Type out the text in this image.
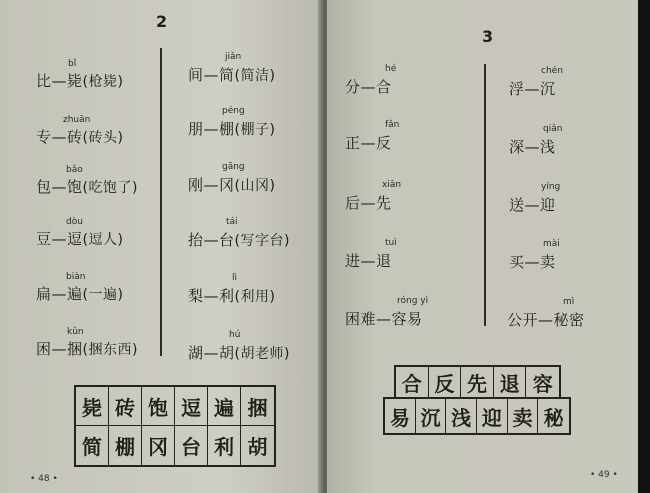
2
bǐ
比—毙(枪毙)
zhuān
专—砖(砖头)
bǎo
包—饱(吃饱了)
dòu
豆—逗(逗人)
biàn
扁—遍(一遍)
kǔn
困—捆(捆东西)
jiǎn
间—简(简洁)
péng
朋—棚(棚子)
gāng
刚—冈(山冈)
tái
抬—台(写字台)
lì
梨—利(利用)
hú
湖—胡(胡老师)
毙 砖 饱 逗 遍 捆
简 棚 冈 台 利 胡
• 48 •
3
hé
分—合
fǎn
正—反
xiān
后—先
tuì
进—退
róng yì
困难—容易
chén
浮—沉
qiǎn
深—浅
yíng
送—迎
mài
买—卖
mì
公开—秘密
合 反 先 退 容
易 沉 浅 迎 卖 秘
• 49 •
